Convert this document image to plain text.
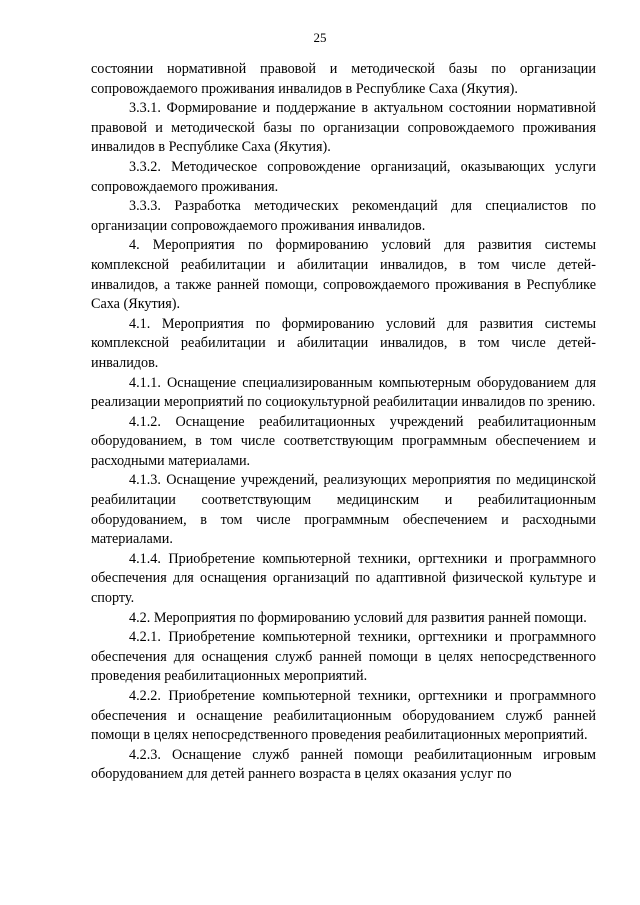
25

состоянии нормативной правовой и методической базы по организации сопровождаемого проживания инвалидов в Республике Саха (Якутия).

3.3.1. Формирование и поддержание в актуальном состоянии нормативной правовой и методической базы по организации сопровождаемого проживания инвалидов в Республике Саха (Якутия).

3.3.2. Методическое сопровождение организаций, оказывающих услуги сопровождаемого проживания.

3.3.3. Разработка методических рекомендаций для специалистов по организации сопровождаемого проживания инвалидов.

4. Мероприятия по формированию условий для развития системы комплексной реабилитации и абилитации инвалидов, в том числе детей-инвалидов, а также ранней помощи, сопровождаемого проживания в Республике Саха (Якутия).

4.1. Мероприятия по формированию условий для развития системы комплексной реабилитации и абилитации инвалидов, в том числе детей-инвалидов.

4.1.1. Оснащение специализированным компьютерным оборудованием для реализации мероприятий по социокультурной реабилитации инвалидов по зрению.

4.1.2. Оснащение реабилитационных учреждений реабилитационным оборудованием, в том числе соответствующим программным обеспечением и расходными материалами.

4.1.3. Оснащение учреждений, реализующих мероприятия по медицинской реабилитации соответствующим медицинским и реабилитационным оборудованием, в том числе программным обеспечением и расходными материалами.

4.1.4. Приобретение компьютерной техники, оргтехники и программного обеспечения для оснащения организаций по адаптивной физической культуре и спорту.

4.2. Мероприятия по формированию условий для развития ранней помощи.

4.2.1. Приобретение компьютерной техники, оргтехники и программного обеспечения для оснащения служб ранней помощи в целях непосредственного проведения реабилитационных мероприятий.

4.2.2. Приобретение компьютерной техники, оргтехники и программного обеспечения и оснащение реабилитационным оборудованием служб ранней помощи в целях непосредственного проведения реабилитационных мероприятий.

4.2.3. Оснащение служб ранней помощи реабилитационным игровым оборудованием для детей раннего возраста в целях оказания услуг по
